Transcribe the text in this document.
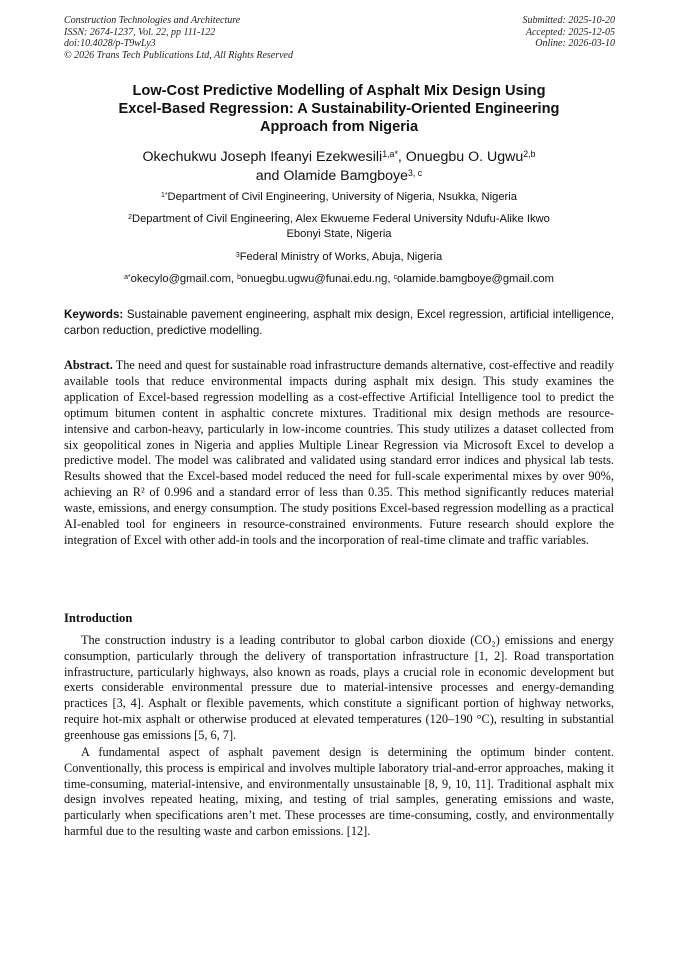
Construction Technologies and Architecture
ISSN: 2674-1237, Vol. 22, pp 111-122
doi:10.4028/p-T9wLy3
© 2026 Trans Tech Publications Ltd, All Rights Reserved
Submitted: 2025-10-20
Accepted: 2025-12-05
Online: 2026-03-10
Low-Cost Predictive Modelling of Asphalt Mix Design Using
Excel-Based Regression: A Sustainability-Oriented Engineering
Approach from Nigeria
Okechukwu Joseph Ifeanyi Ezekwesili$^{1,a*}$, Onuegbu O. Ugwu$^{2,b}$
and Olamide Bamgboye$^{3, c}$
$^{1*}$Department of Civil Engineering, University of Nigeria, Nsukka, Nigeria
$^2$Department of Civil Engineering, Alex Ekwueme Federal University Ndufu-Alike Ikwo
Ebonyi State, Nigeria
$^3$Federal Ministry of Works, Abuja, Nigeria
$^{a*}$okecylo@gmail.com, $^b$onuegbu.ugwu@funai.edu.ng, $^c$olamide.bamgboye@gmail.com
Keywords: Sustainable pavement engineering, asphalt mix design, Excel regression, artificial intelligence, carbon reduction, predictive modelling.
Abstract. The need and quest for sustainable road infrastructure demands alternative, cost-effective and readily available tools that reduce environmental impacts during asphalt mix design. This study examines the application of Excel-based regression modelling as a cost-effective Artificial Intelligence tool to predict the optimum bitumen content in asphaltic concrete mixtures. Traditional mix design methods are resource-intensive and carbon-heavy, particularly in low-income countries. This study utilizes a dataset collected from six geopolitical zones in Nigeria and applies Multiple Linear Regression via Microsoft Excel to develop a predictive model. The model was calibrated and validated using standard error indices and physical lab tests. Results showed that the Excel-based model reduced the need for full-scale experimental mixes by over 90%, achieving an R² of 0.996 and a standard error of less than 0.35. This method significantly reduces material waste, emissions, and energy consumption. The study positions Excel-based regression modelling as a practical AI-enabled tool for engineers in resource-constrained environments. Future research should explore the integration of Excel with other add-in tools and the incorporation of real-time climate and traffic variables.
Introduction
The construction industry is a leading contributor to global carbon dioxide (CO₂) emissions and energy consumption, particularly through the delivery of transportation infrastructure [1, 2]. Road transportation infrastructure, particularly highways, also known as roads, plays a crucial role in economic development but exerts considerable environmental pressure due to material-intensive processes and energy-demanding practices [3, 4]. Asphalt or flexible pavements, which constitute a significant portion of highway networks, require hot-mix asphalt or otherwise produced at elevated temperatures (120–190 °C), resulting in substantial greenhouse gas emissions [5, 6, 7].
A fundamental aspect of asphalt pavement design is determining the optimum binder content. Conventionally, this process is empirical and involves multiple laboratory trial-and-error approaches, making it time-consuming, material-intensive, and environmentally unsustainable [8, 9, 10, 11]. Traditional asphalt mix design involves repeated heating, mixing, and testing of trial samples, generating emissions and waste, particularly when specifications aren’t met. These processes are time-consuming, costly, and environmentally harmful due to the resulting waste and carbon emissions. [12].
